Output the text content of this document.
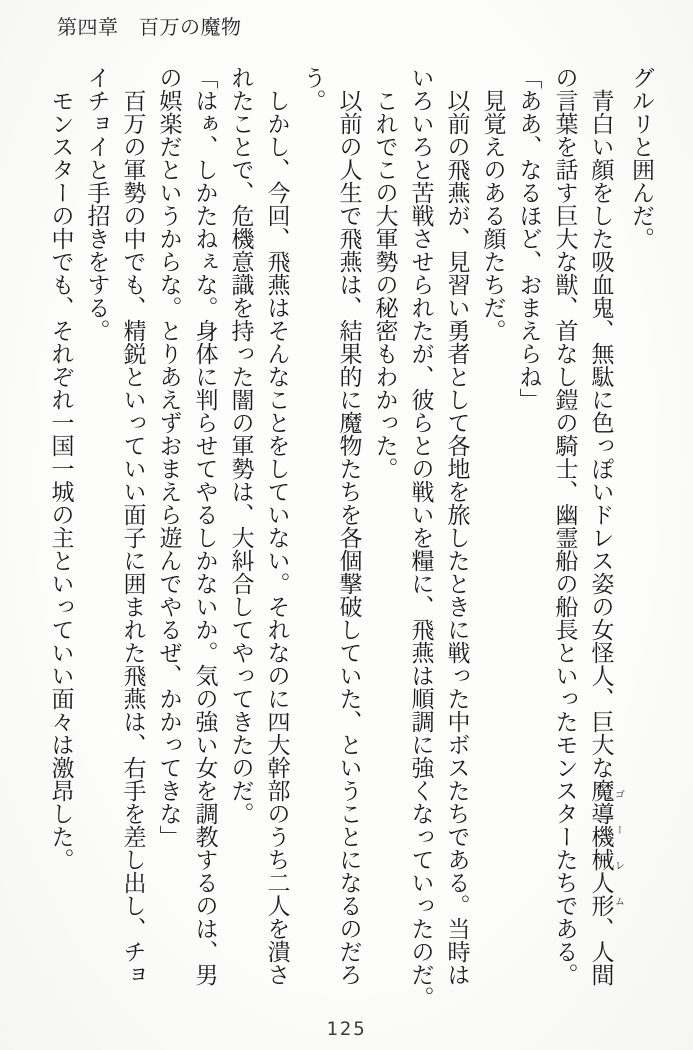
第四章　百万の魔物

グルリと囲んだ。

　青白い顔をした吸血鬼、無駄に色っぽいドレス姿の女怪人、巨大な魔導機械人形 ゴーレム、人間

の言葉を話す巨大な獣、首なし鎧の騎士、幽霊船の船長といったモンスターたちである。

「ああ、なるほど、おまえらね」

　見覚えのある顔たちだ。

　以前の飛燕が、見習い勇者として各地を旅したときに戦った中ボスたちである。当時は

いろいろと苦戦させられたが、彼らとの戦いを糧に、飛燕は順調に強くなっていったのだ。

　これでこの大軍勢の秘密もわかった。

　以前の人生で飛燕は、結果的に魔物たちを各個撃破していた、ということになるのだろ

う。

　しかし、今回、飛燕はそんなことをしていない。それなのに四大幹部のうち二人を潰さ

れたことで、危機意識を持った闇の軍勢は、大糾合してやってきたのだ。

「はぁ、しかたねぇな。身体に判らせてやるしかないか。気の強い女を調教するのは、男

の娯楽だというからな。とりあえずおまえら遊んでやるぜ、かかってきな」

　百万の軍勢の中でも、精鋭といっていい面子に囲まれた飛燕は、右手を差し出し、チョ

イチョイと手招きをする。

　モンスターの中でも、それぞれ一国一城の主といっていい面々は激昂した。

125
